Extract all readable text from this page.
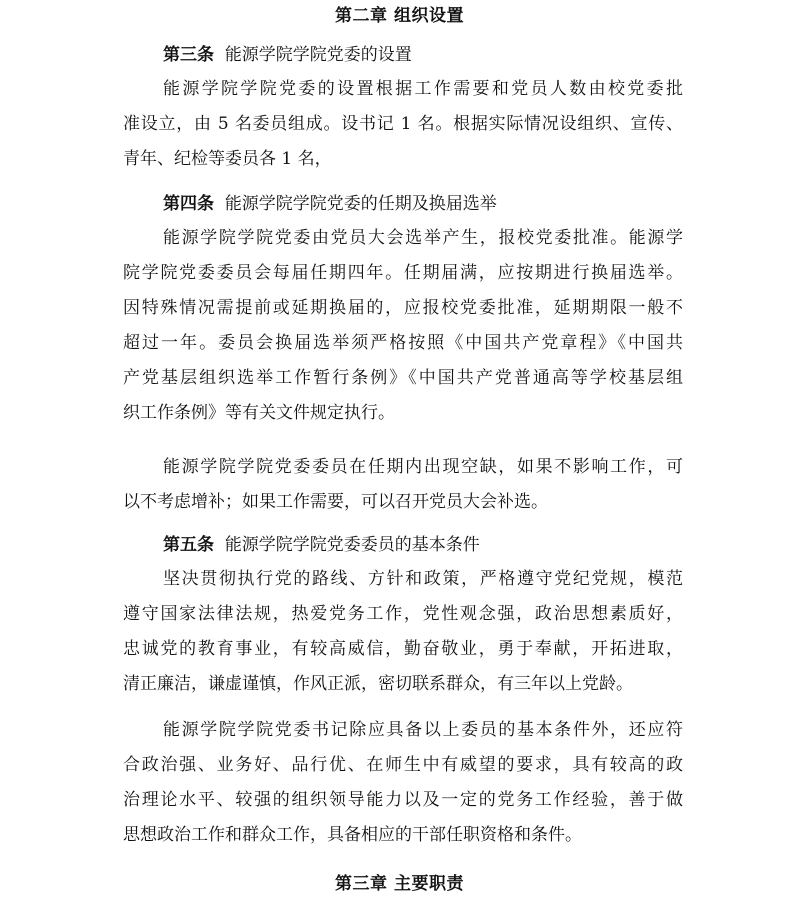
第二章 组织设置
第三条 能源学院学院党委的设置
能源学院学院党委的设置根据工作需要和党员人数由校党委批
准设立，由 5 名委员组成。设书记 1 名。根据实际情况设组织、宣传、
青年、纪检等委员各 1 名，
第四条 能源学院学院党委的任期及换届选举
能源学院学院党委由党员大会选举产生，报校党委批准。能源学
院学院党委委员会每届任期四年。任期届满，应按期进行换届选举。
因特殊情况需提前或延期换届的，应报校党委批准，延期期限一般不
超过一年。委员会换届选举须严格按照《中国共产党章程》《中国共
产党基层组织选举工作暂行条例》《中国共产党普通高等学校基层组
织工作条例》等有关文件规定执行。
能源学院学院党委委员在任期内出现空缺，如果不影响工作，可
以不考虑增补；如果工作需要，可以召开党员大会补选。
第五条 能源学院学院党委委员的基本条件
坚决贯彻执行党的路线、方针和政策，严格遵守党纪党规，模范
遵守国家法律法规，热爱党务工作，党性观念强，政治思想素质好，
忠诚党的教育事业，有较高威信，勤奋敬业，勇于奉献，开拓进取，
清正廉洁，谦虚谨慎，作风正派，密切联系群众，有三年以上党龄。
能源学院学院党委书记除应具备以上委员的基本条件外，还应符
合政治强、业务好、品行优、在师生中有威望的要求，具有较高的政
治理论水平、较强的组织领导能力以及一定的党务工作经验，善于做
思想政治工作和群众工作，具备相应的干部任职资格和条件。
第三章 主要职责
